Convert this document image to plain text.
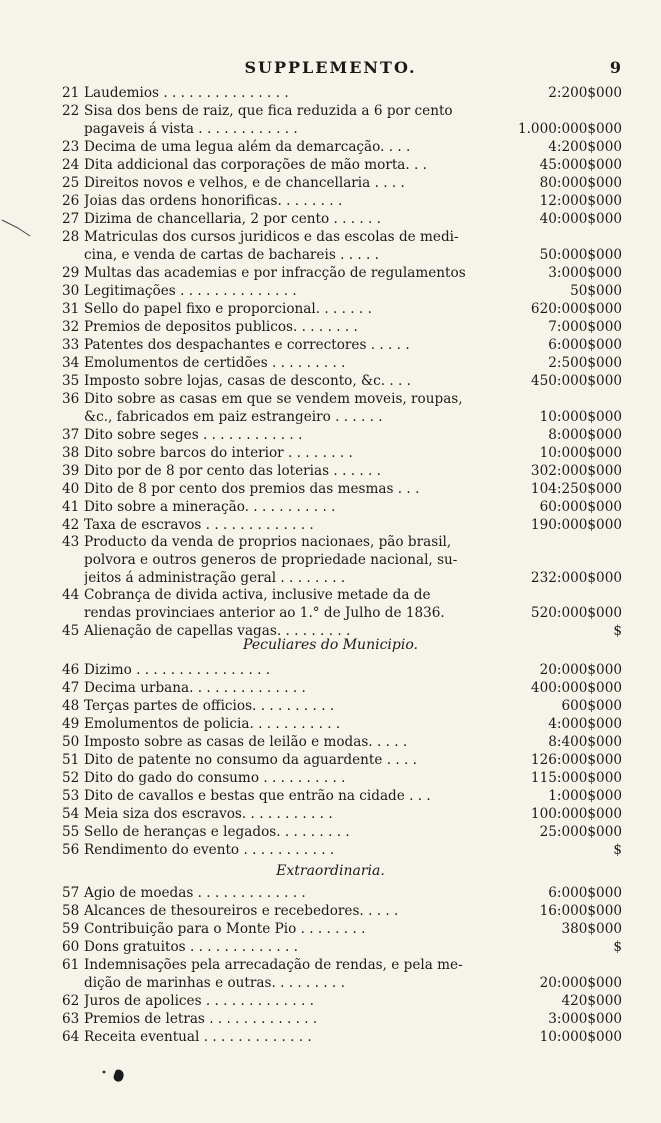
SUPPLEMENTO.	9
21 Laudemios . . . . . . . . . . . . . . .	2:200$000
22 Sisa dos bens de raiz, que fica reduzida a 6 por cento
pagaveis á vista . . . . . . . . . . . .	1.000:000$000
23 Decima de uma legua além da demarcação. . . .	4:200$000
24 Dita addicional das corporações de mão morta. . .	45:000$000
25 Direitos novos e velhos, e de chancellaria . . . .	80:000$000
26 Joias das ordens honorificas. . . . . . . .	12:000$000
27 Dizima de chancellaria, 2 por cento . . . . . .	40:000$000
28 Matriculas dos cursos juridicos e das escolas de medi-
cina, e venda de cartas de bachareis . . . . .	50:000$000
29 Multas das academias e por infracção de regulamentos	3:000$000
30 Legitimações . . . . . . . . . . . . . .	50$000
31 Sello do papel fixo e proporcional. . . . . . .	620:000$000
32 Premios de depositos publicos. . . . . . . .	7:000$000
33 Patentes dos despachantes e correctores . . . . .	6:000$000
34 Emolumentos de certidões . . . . . . . . .	2:500$000
35 Imposto sobre lojas, casas de desconto, &c. . . .	450:000$000
36 Dito sobre as casas em que se vendem moveis, roupas,
&c., fabricados em paiz estrangeiro . . . . . .	10:000$000
37 Dito sobre seges . . . . . . . . . . . .	8:000$000
38 Dito sobre barcos do interior . . . . . . . .	10:000$000
39 Dito por de 8 por cento das loterias . . . . . .	302:000$000
40 Dito de 8 por cento dos premios das mesmas . . .	104:250$000
41 Dito sobre a mineração. . . . . . . . . . .	60:000$000
42 Taxa de escravos . . . . . . . . . . . . .	190:000$000
43 Producto da venda de proprios nacionaes, pão brasil,
polvora e outros generos de propriedade nacional, su-
jeitos á administração geral . . . . . . . .	232:000$000
44 Cobrança de divida activa, inclusive metade da de
rendas provinciaes anterior ao 1.° de Julho de 1836.	520:000$000
45 Alienação de capellas vagas. . . . . . . . .	$
46 Dizimo . . . . . . . . . . . . . . . .	20:000$000
47 Decima urbana. . . . . . . . . . . . . .	400:000$000
48 Terças partes de officios. . . . . . . . . .	600$000
49 Emolumentos de policia. . . . . . . . . . .	4:000$000
50 Imposto sobre as casas de leilão e modas. . . . .	8:400$000
51 Dito de patente no consumo da aguardente . . . .	126:000$000
52 Dito do gado do consumo . . . . . . . . . .	115:000$000
53 Dito de cavallos e bestas que entrão na cidade . . .	1:000$000
54 Meia siza dos escravos. . . . . . . . . . .	100:000$000
55 Sello de heranças e legados. . . . . . . . .	25:000$000
56 Rendimento do evento . . . . . . . . . . .	$
57 Agio de moedas . . . . . . . . . . . . .	6:000$000
58 Alcances de thesoureiros e recebedores. . . . .	16:000$000
59 Contribuição para o Monte Pio . . . . . . . .	380$000
60 Dons gratuitos . . . . . . . . . . . . .	$
61 Indemnisações pela arrecadação de rendas, e pela me-
dição de marinhas e outras. . . . . . . . .	20:000$000
62 Juros de apolices . . . . . . . . . . . . .	420$000
63 Premios de letras . . . . . . . . . . . . .	3:000$000
64 Receita eventual . . . . . . . . . . . . .	10:000$000
Peculiares do Municipio.
Extraordinaria.
